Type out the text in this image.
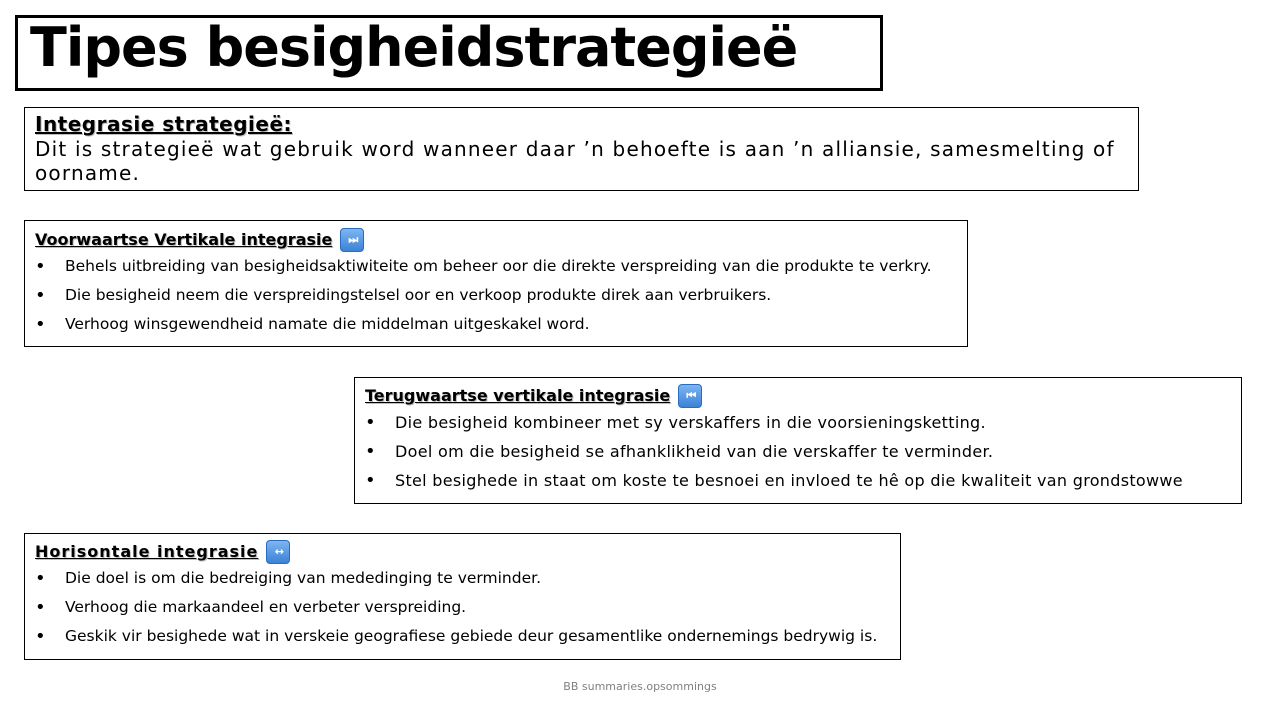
Tipes besigheidstrategieë
Integrasie strategieë:
Dit is strategieë wat gebruik word wanneer daar ’n behoefte is aan ’n alliansie, samesmelting of oorname.
Voorwaartse Vertikale integrasie	⏭
• Behels uitbreiding van besigheidsaktiwiteite om beheer oor die direkte verspreiding van die produkte te verkry.
• Die besigheid neem die verspreidingstelsel oor en verkoop produkte direk aan verbruikers.
• Verhoog winsgewendheid namate die middelman uitgeskakel word.
Terugwaartse vertikale integrasie	⏮
• Die besigheid kombineer met sy verskaffers in die voorsieningsketting.
• Doel om die besigheid se afhanklikheid van die verskaffer te verminder.
• Stel besighede in staat om koste te besnoei en invloed te hê op die kwaliteit van grondstowwe
Horisontale integrasie	↔
• Die doel is om die bedreiging van mededinging te verminder.
• Verhoog die markaandeel en verbeter verspreiding.
• Geskik vir besighede wat in verskeie geografiese gebiede deur gesamentlike ondernemings bedrywig is.
BB summaries.opsommings
